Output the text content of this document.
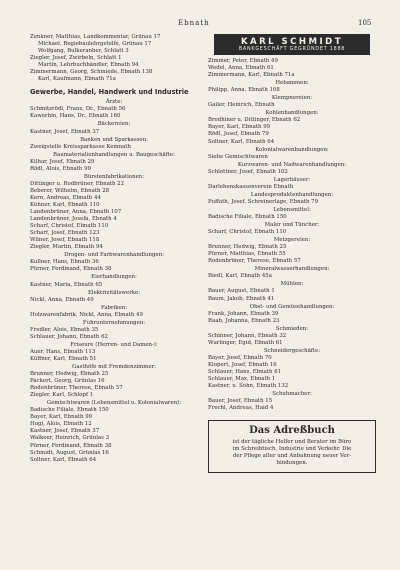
Ebnath	105
Zenkner, Matthias, Landkommentar, Grünau 17
Michael, Regiebaulehrgehilfe, Grünau 17
Wolfgang, Bulkeranber, Schlatt 3
Ziegler, Josef, Zwirbeln, Schlatt 1
Martin, Lehrbuchhändler, Ebnath 94
Zimmermann, Georg, Schmiede, Ebnath 138
Karl, Kaufmann, Ebnath 71a
Gewerbe, Handel, Handwerk und Industrie
Ärzte:
Schmitzrödl, Franz, Dr., Ebnath 56
Kawerbin, Hans, Dr., Ebnath 160
Bäckereien:
Kastner, Josef, Ebnath 37
Banken und Sparkassen:
Zweigstelle Kreissparkasse Kemnath
Baumaterialienhandlungen u. Baugeschäfte:
Kilhar, Josef, Ebnath 29
Rödl, Alois, Ebnath 99
Bürstenfabrikationen:
Dittinger u. Rodbrüner, Ebnath 22
Beberer, Wilhelm, Ebnath 28
Kern, Andreas, Ebnath 44
Kühner, Karl, Ebnath 110
Landenbrüner, Anna, Ebnath 107
Landenbrüner, Josefa, Ebnath 4
Scharf, Christof, Ebnath 110
Scharf, Josef, Ebnath 123
Wilner, Josef, Ebnath 118
Ziegler, Martin, Ebnath 94
Drogen- und Farbwarenhandlungen:
Kullner, Hans, Ebnath 36
Pürner, Ferdinand, Ebnath 38
Eierhandlungen:
Kastner, Maria, Ebnath 65
Elektrizitätswerke:
Nickl, Anna, Ebnath 49
Fabriken:
Holzwarenfabrik, Nickl, Anna, Ebnath 49
Fuhrunternehmungen:
Fredler, Alois, Ebnath 35
Schlauer, Johann, Ebnath 62
Friseure (Herren- und Damen-):
Auer, Hans, Ebnath 113
Küffner, Karl, Ebnath 51
Gasthöfe mit Fremdenzimmer:
Brunner, Hedwig, Ebnath 25
Packert, Georg, Grünlas 16
Rodenbrüner, Therese, Ebnath 57
Ziegler, Karl, Schlopf 1
Gemischtwaren (Lebensmittel u. Kolonialwaren):
Badische Filiale, Ebnath 150
Bayer, Karl, Ebnath 99
Hogl, Alois, Ebnath 12
Kastner, Josef, Ebnath 37
Walkeer, Heinrich, Grünlas 3
Pürner, Ferdinand, Ebnath 38
Schmidt, August, Grünlas 16
Soltner, Karl, Ebnath 64
KARL SCHMIDT
BANKGESCHÄFT GEGRÜNDET 1888
Zimmer, Peter, Ebnath 49
Wedel, Anna, Ebnath 61
Zimmermann, Karl, Ebnath 71a
Hebammen:
Philipp, Anna, Ebnath 108
Klempnereien:
Gailer, Heinrich, Ebnath
Kohlenhandlungen:
Brodhiner u. Dittinger, Ebnath 62
Bayer, Karl, Ebnath 99
Rödl, Josef, Ebnath 79
Soltner, Karl, Ebnath 64
Kolonialwarenhandlungen:
Siehe Gemischtwaren
Kurzwaren- und Nadwarenhandlungen:
Schlottner, Josef, Ebnath 102
Lagerhäuser:
Darlehenskassenverein Ebnath
Landesproduktenhandlungen:
Puffath, Josef, Schreinerlage, Ebnath 79
Lebensmittel:
Badische Filiale, Ebnath 150
Maler und Tüncher:
Scharf, Christof, Ebnath 110
Metzgereien:
Brunner, Hedwig, Ebnath 25
Pürner, Matthias, Ebnath 55
Rodenbrüner, Therese, Ebnath 57
Mineralwasserhandlungen:
Biedl, Karl, Ebnath 45a
Mühlen:
Bauer, August, Ebnath 1
Baum, Jakob, Ebnath 41
Obst- und Gemüsehandlungen:
Frank, Johann, Ebnath 39
Raab, Johanna, Ebnath 23
Schmieden:
Schinner, Johann, Ebnath 32
Wurlinger, Egid, Ebnath 61
Schneidergeschäfte:
Bayer, Josef, Ebnath 70
Klopert, Josef, Ebnath 16
Schlauer, Hans, Ebnath 61
Schlauer, Max, Ebnath 1
Kastner, u. Sohn, Ebnath 132
Schuhmacher:
Bauer, Josef, Ebnath 15
Frechl, Andreas, Haid 4
Das Adreßbuch
ist der tägliche Helfer und Berater im Büro
im Schreibtisch, Industrie und Verkehr. Die
der Pflege alter und Anbahnung neuer Ver-
bindungen.
